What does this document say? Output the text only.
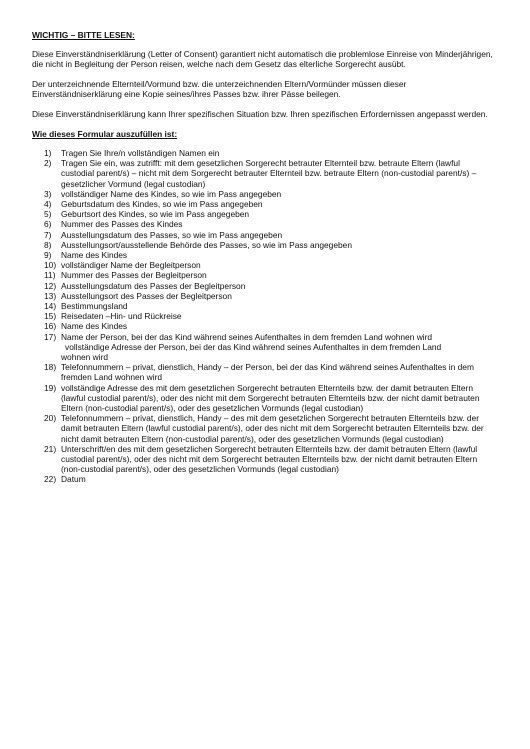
WICHTIG – BITTE LESEN:

Diese Einverständniserklärung (Letter of Consent) garantiert nicht automatisch die problemlose Einreise von Minderjährigen, die nicht in Begleitung der Person reisen, welche nach dem Gesetz das elterliche Sorgerecht ausübt.

Der unterzeichnende Elternteil/Vormund bzw. die unterzeichnenden Eltern/Vormünder müssen dieser Einverständniserklärung eine Kopie seines/ihres Passes bzw. ihrer Pässe beilegen.

Diese Einverständniserklärung kann Ihrer spezifischen Situation bzw. Ihren spezifischen Erfordernissen angepasst werden.

Wie dieses Formular auszufüllen ist:
1) Tragen Sie Ihre/n vollständigen Namen ein
2) Tragen Sie ein, was zutrifft: mit dem gesetzlichen Sorgerecht betrauter Elternteil bzw. betraute Eltern (lawful
custodial parent/s) – nicht mit dem Sorgerecht betrauter Elternteil bzw. betraute Eltern (non-custodial parent/s) – gesetzlicher Vormund (legal custodian)
3) vollständiger Name des Kindes, so wie im Pass angegeben
4) Geburtsdatum des Kindes, so wie im Pass angegeben
5) Geburtsort des Kindes, so wie im Pass angegeben
6) Nummer des Passes des Kindes
7) Ausstellungsdatum des Passes, so wie im Pass angegeben
8) Ausstellungsort/ausstellende Behörde des Passes, so wie im Pass angegeben
9) Name des Kindes
10) vollständiger Name der Begleitperson
11) Nummer des Passes der Begleitperson
12) Ausstellungsdatum des Passes der Begleitperson
13) Ausstellungsort des Passes der Begleitperson
14) Bestimmungsland
15) Reisedaten –Hin- und Rückreise
16) Name des Kindes
17) Name der Person, bei der das Kind während seines Aufenthaltes in dem fremden Land wohnen wird
vollständige Adresse der Person, bei der das Kind während seines Aufenthaltes in dem fremden Land
wohnen wird
18) Telefonnummern – privat, dienstlich, Handy – der Person, bei der das Kind während seines Aufenthaltes in dem
fremden Land wohnen wird
19) vollständige Adresse des mit dem gesetzlichen Sorgerecht betrauten Elternteils bzw. der damit betrauten Eltern
(lawful custodial parent/s), oder des nicht mit dem Sorgerecht betrauten Elternteils bzw. der nicht damit betrauten Eltern (non-custodial parent/s), oder des gesetzlichen Vormunds (legal custodian)
20) Telefonnummern – privat, dienstlich, Handy – des mit dem gesetzlichen Sorgerecht betrauten Elternteils bzw. der
damit betrauten Eltern (lawful custodial parent/s), oder des nicht mit dem Sorgerecht betrauten Elternteils bzw. der nicht damit betrauten Eltern (non-custodial parent/s), oder des gesetzlichen Vormunds (legal custodian)
21) Unterschrift/en des mit dem gesetzlichen Sorgerecht betrauten Elternteils bzw. der damit betrauten Eltern (lawful
custodial parent/s), oder des nicht mit dem Sorgerecht betrauten Elternteils bzw. der nicht damit betrauten Eltern (non-custodial parent/s), oder des gesetzlichen Vormunds (legal custodian)
22) Datum
